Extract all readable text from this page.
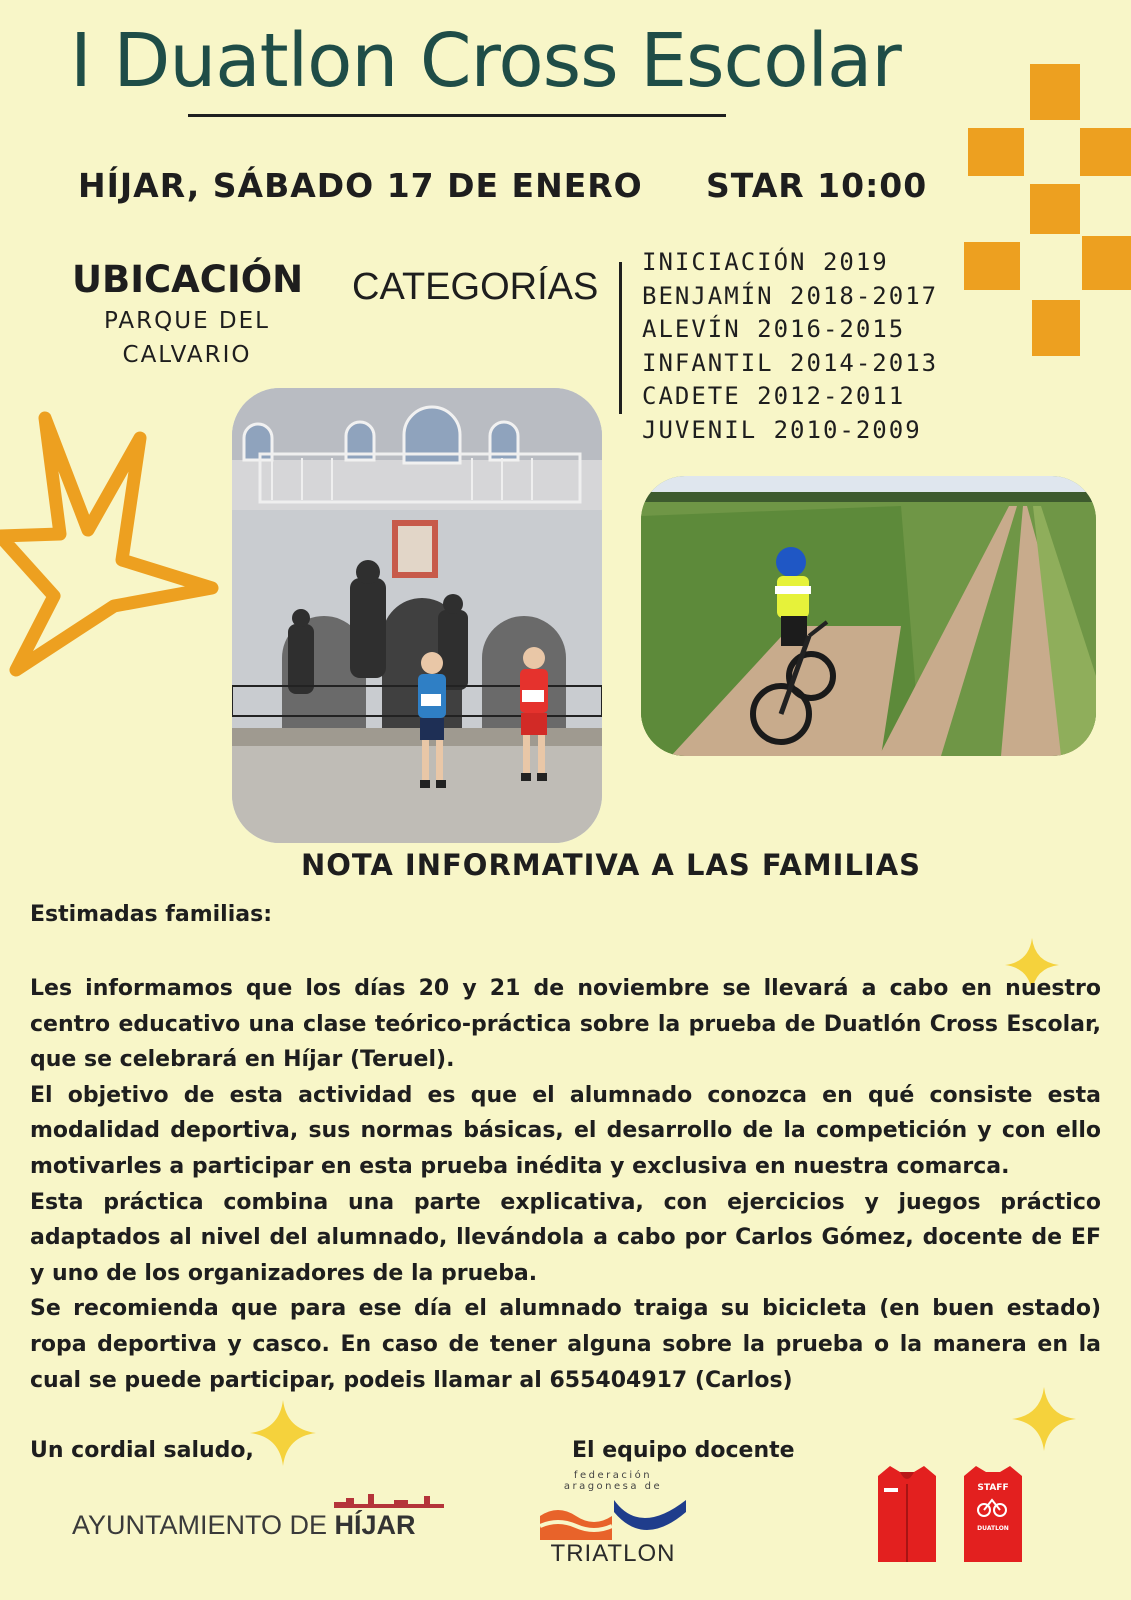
I Duatlon Cross Escolar
HÍJAR, SÁBADO 17 DE ENERO STAR 10:00
UBICACIÓN
PARQUE DEL
CALVARIO
CATEGORÍAS
INICIACIÓN 2019
BENJAMÍN 2018-2017
ALEVÍN 2016-2015
INFANTIL 2014-2013
CADETE 2012-2011
JUVENIL 2010-2009
NOTA INFORMATIVA A LAS FAMILIAS
Estimadas familias:

Les informamos que los días 20 y 21 de noviembre se llevará a cabo en nuestro centro educativo una clase teórico-práctica sobre la prueba de Duatlón Cross Escolar, que se celebrará en Híjar (Teruel).

El objetivo de esta actividad es que el alumnado conozca en qué consiste esta modalidad deportiva, sus normas básicas, el desarrollo de la competición y con ello motivarles a participar en esta prueba inédita y exclusiva en nuestra comarca.

Esta práctica combina una parte explicativa, con ejercicios y juegos práctico adaptados al nivel del alumnado, llevándola a cabo por Carlos Gómez, docente de EF y uno de los organizadores de la prueba.

Se recomienda que para ese día el alumnado traiga su bicicleta (en buen estado) ropa deportiva y casco. En caso de tener alguna sobre la prueba o la manera en la cual se puede participar, podeis llamar al 655404917 (Carlos)

Un cordial saludo,	El equipo docente
AYUNTAMIENTO DE HÍJAR
federación
aragonesa de
TRIATLON
STAFF
DUATLON
